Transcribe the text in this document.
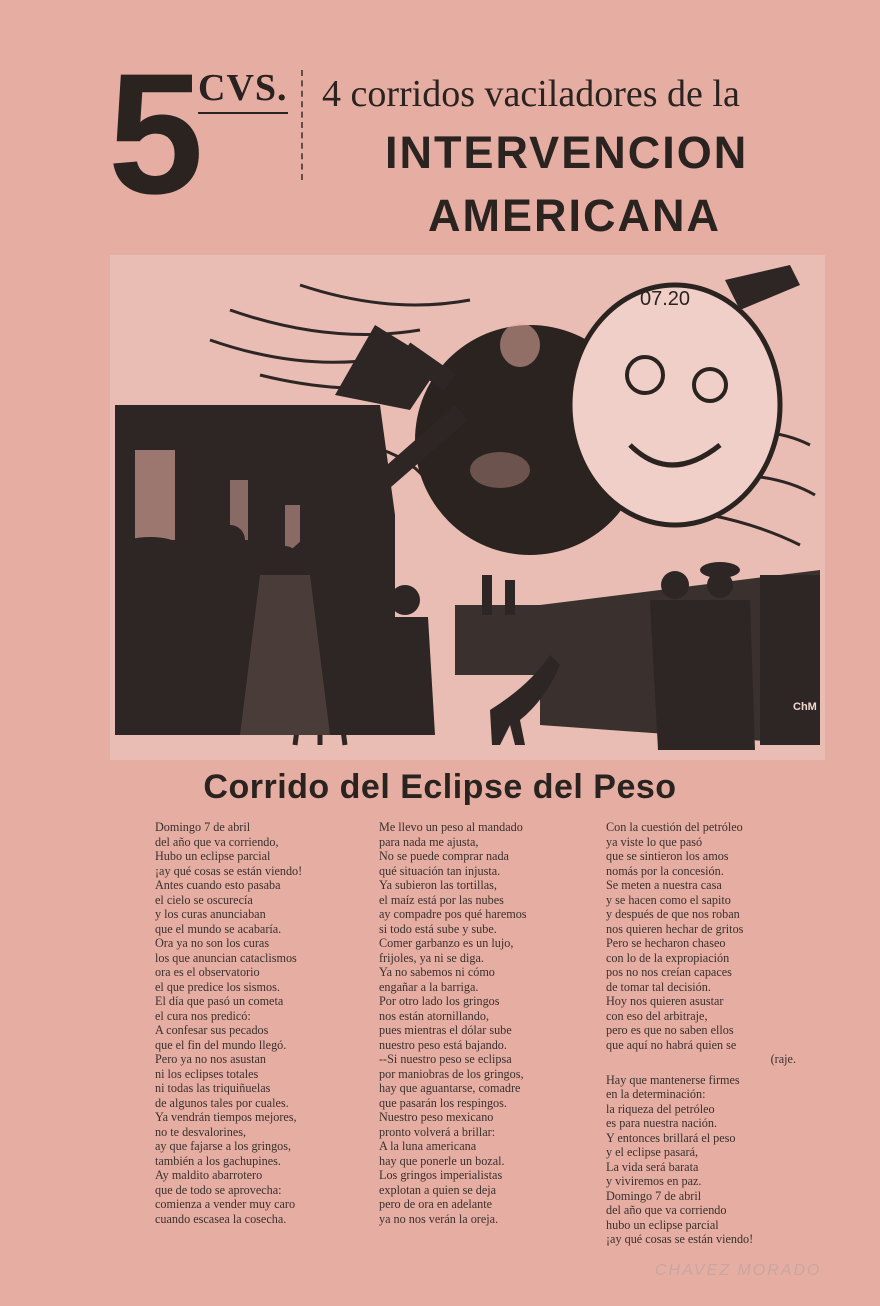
5
CVS. 4 corridos vaciladores de la
INTERVENCION
AMERICANA
07.20
ChM
Corrido del Eclipse del Peso
Domingo 7 de abril
del año que va corriendo,
Hubo un eclipse parcial
¡ay qué cosas se están viendo!
Antes cuando esto pasaba
el cielo se oscurecía
y los curas anunciaban
que el mundo se acabaría.
Ora ya no son los curas
los que anuncian cataclismos
ora es el observatorio
el que predice los sismos.
El día que pasó un cometa
el cura nos predicó:
A confesar sus pecados
que el fin del mundo llegó.
Pero ya no nos asustan
ni los eclipses totales
ni todas las triquiñuelas
de algunos tales por cuales.
Ya vendrán tiempos mejores,
no te desvalorines,
ay que fajarse a los gringos,
también a los gachupines.
Ay maldito abarrotero
que de todo se aprovecha:
comienza a vender muy caro
cuando escasea la cosecha.
Me llevo un peso al mandado
para nada me ajusta,
No se puede comprar nada
qué situación tan injusta.
Ya subieron las tortillas,
el maíz está por las nubes
ay compadre pos qué haremos
si todo está sube y sube.
Comer garbanzo es un lujo,
frijoles, ya ni se diga.
Ya no sabemos ni cómo
engañar a la barriga.
Por otro lado los gringos
nos están atornillando,
pues mientras el dólar sube
nuestro peso está bajando.
--Si nuestro peso se eclipsa
por maniobras de los gringos,
hay que aguantarse, comadre
que pasarán los respingos.
Nuestro peso mexicano
pronto volverá a brillar:
A la luna americana
hay que ponerle un bozal.
Los gringos imperialistas
explotan a quien se deja
pero de ora en adelante
ya no nos verán la oreja.
Con la cuestión del petróleo
ya viste lo que pasó
que se sintieron los amos
nomás por la concesión.
Se meten a nuestra casa
y se hacen como el sapito
y después de que nos roban
nos quieren hechar de gritos
Pero se hecharon chaseo
con lo de la expropiación
pos no nos creían capaces
de tomar tal decisión.
Hoy nos quieren asustar
con eso del arbitraje,
pero es que no saben ellos
que aquí no habrá quien se
(raje.
Hay que mantenerse firmes
en la determinación:
la riqueza del petróleo
es para nuestra nación.
Y entonces brillará el peso
y el eclipse pasará,
La vida será barata
y viviremos en paz.
Domingo 7 de abril
del año que va corriendo
hubo un eclipse parcial
¡ay qué cosas se están viendo!
CHAVEZ MORADO
